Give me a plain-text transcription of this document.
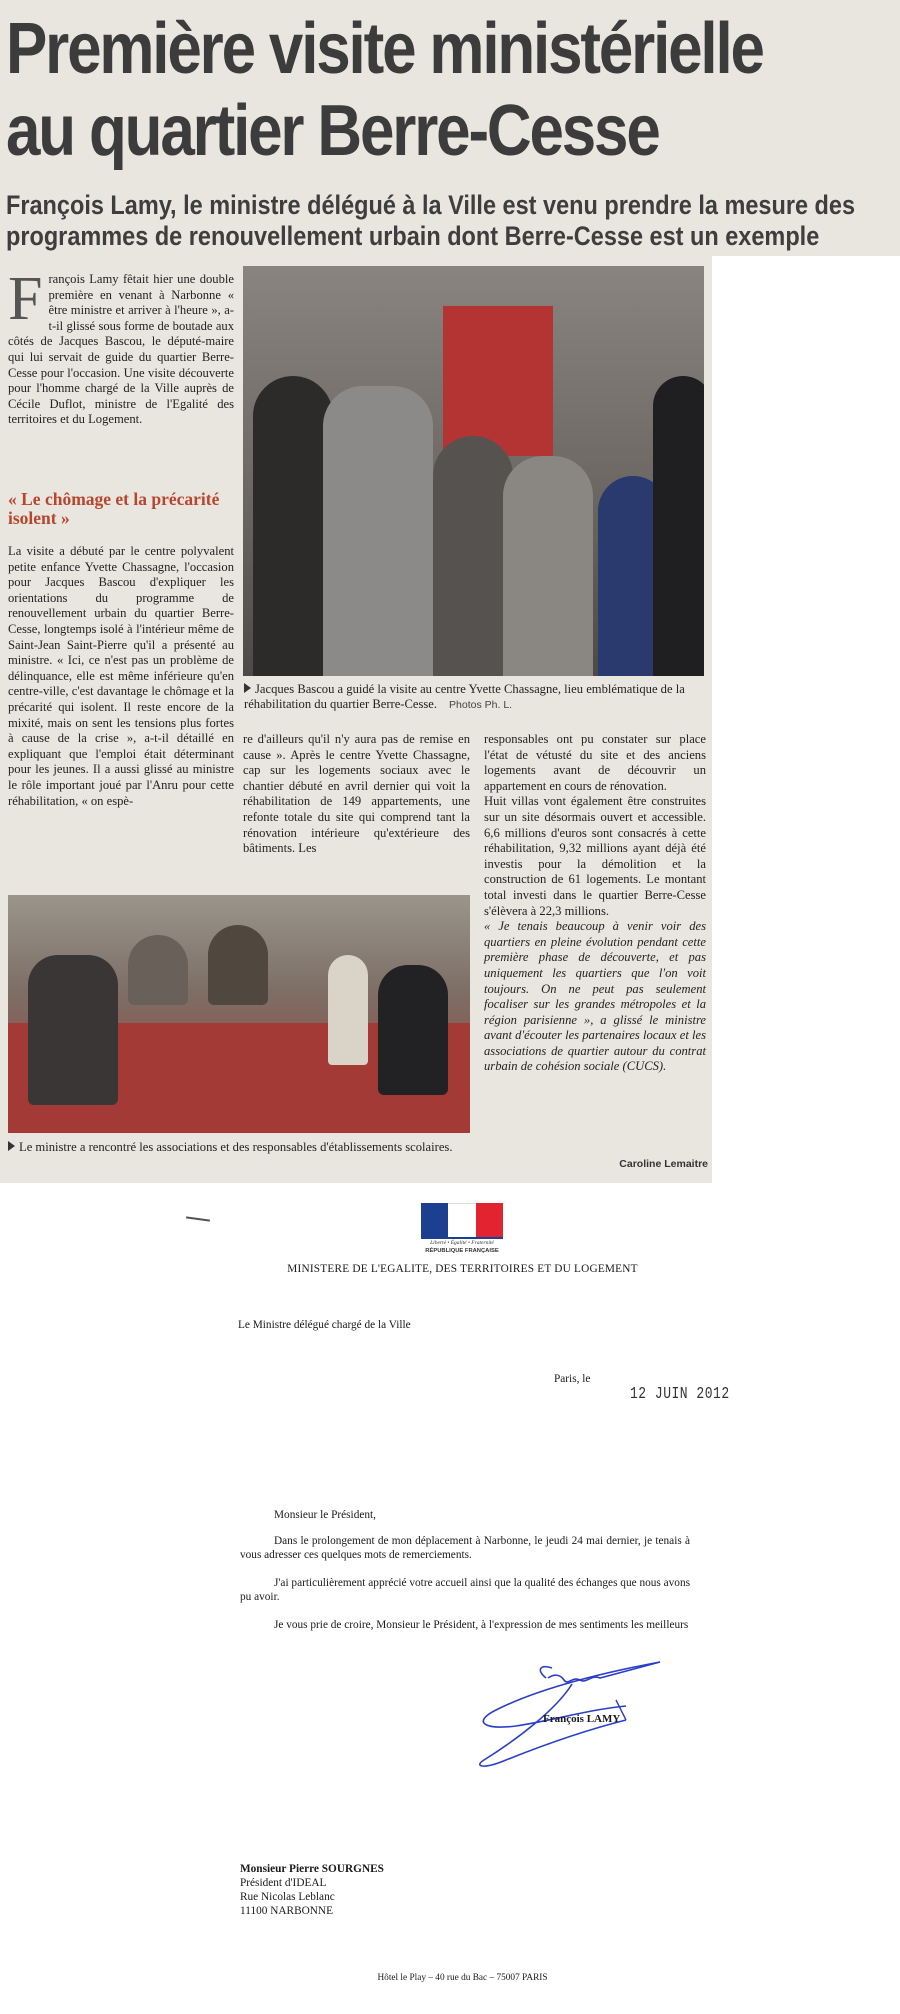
Première visite ministérielle
au quartier Berre-Cesse
François Lamy, le ministre délégué à la Ville est venu prendre la mesure des
programmes de renouvellement urbain dont Berre-Cesse est un exemple

François Lamy fêtait hier une double première en venant à Narbonne « être ministre et arriver à l'heure », a-t-il glissé sous forme de boutade aux côtés de Jacques Bascou, le député-maire qui lui servait de guide du quartier Berre-Cesse pour l'occasion. Une visite découverte pour l'homme chargé de la Ville auprès de Cécile Duflot, ministre de l'Egalité des territoires et du Logement.

« Le chômage et la précarité isolent »

La visite a débuté par le centre polyvalent petite enfance Yvette Chassagne, l'occasion pour Jacques Bascou d'expliquer les orientations du programme de renouvellement urbain du quartier Berre-Cesse, longtemps isolé à l'intérieur même de Saint-Jean Saint-Pierre qu'il a présenté au ministre. « Ici, ce n'est pas un problème de délinquance, elle est même inférieure qu'en centre-ville, c'est davantage le chômage et la précarité qui isolent. Il reste encore de la mixité, mais on sent les tensions plus fortes à cause de la crise », a-t-il détaillé en expliquant que l'emploi était déterminant pour les jeunes. Il a aussi glissé au ministre le rôle important joué par l'Anru pour cette réhabilitation, « on espè-

Jacques Bascou a guidé la visite au centre Yvette Chassagne, lieu emblématique de la réhabilitation du quartier Berre-Cesse. Photos Ph. L.

re d'ailleurs qu'il n'y aura pas de remise en cause ». Après le centre Yvette Chassagne, cap sur les logements sociaux avec le chantier débuté en avril dernier qui voit la réhabilitation de 149 appartements, une refonte totale du site qui comprend tant la rénovation intérieure qu'extérieure des bâtiments. Les

Le ministre a rencontré les associations et des responsables d'établissements scolaires.

responsables ont pu constater sur place l'état de vétusté du site et des anciens logements avant de découvrir un appartement en cours de rénovation.

Huit villas vont également être construites sur un site désormais ouvert et accessible. 6,6 millions d'euros sont consacrés à cette réhabilitation, 9,32 millions ayant déjà été investis pour la démolition et la construction de 61 logements. Le montant total investi dans le quartier Berre-Cesse s'élèvera à 22,3 millions.

« Je tenais beaucoup à venir voir des quartiers en pleine évolution pendant cette première phase de découverte, et pas uniquement les quartiers que l'on voit toujours. On ne peut pas seulement focaliser sur les grandes métropoles et la région parisienne », a glissé le ministre avant d'écouter les partenaires locaux et les associations de quartier autour du contrat urbain de cohésion sociale (CUCS).

Caroline Lemaitre

Liberté • Égalité • Fraternité
RÉPUBLIQUE FRANÇAISE

MINISTERE DE L'EGALITE, DES TERRITOIRES ET DU LOGEMENT

Le Ministre délégué chargé de la Ville

Paris, le

12 JUIN 2012

Monsieur le Président,

Dans le prolongement de mon déplacement à Narbonne, le jeudi 24 mai dernier, je tenais à vous adresser ces quelques mots de remerciements.

J'ai particulièrement apprécié votre accueil ainsi que la qualité des échanges que nous avons pu avoir.

Je vous prie de croire, Monsieur le Président, à l'expression de mes sentiments les meilleurs

François LAMY

Monsieur Pierre SOURGNES
Président d'IDEAL
Rue Nicolas Leblanc
11100 NARBONNE

Hôtel le Play – 40 rue du Bac – 75007 PARIS
